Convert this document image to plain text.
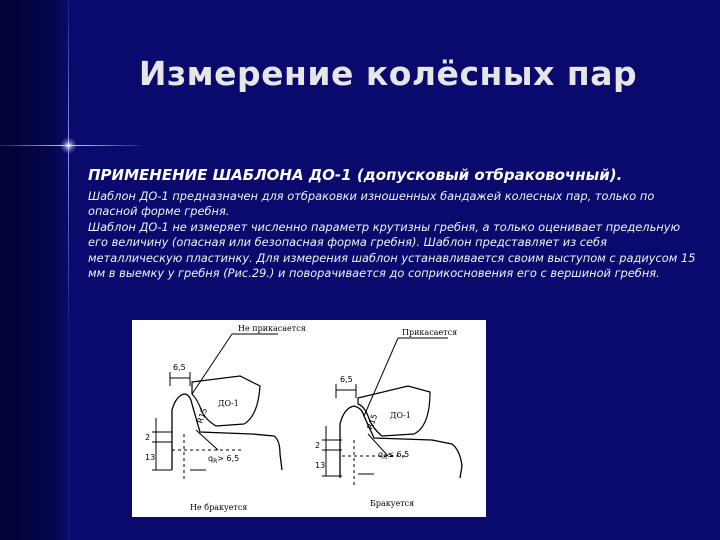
Измерение колёсных пар
ПРИМЕНЕНИЕ ШАБЛОНА ДО-1 (допусковый отбраковочный).

Шаблон ДО-1 предназначен для отбраковки изношенных бандажей колесных пар, только по опасной форме гребня.

Шаблон ДО-1 не измеряет численно параметр крутизны гребня, а только оценивает предельную его величину (опасная или безопасная форма гребня). Шаблон представляет из себя металлическую пластинку. Для измерения шаблон устанавливается своим выступом с радиусом 15 мм в выемку у гребня (Рис.29.) и поворачивается до соприкосновения его с вершиной гребня.

Не прикасается
ДО-1
6,5
2
13
R15
$q_R> 6,5$
Не бракуется
Прикасается
ДО-1
6,5
2
13
R15
$q_R\le 6,5$
Бракуется
